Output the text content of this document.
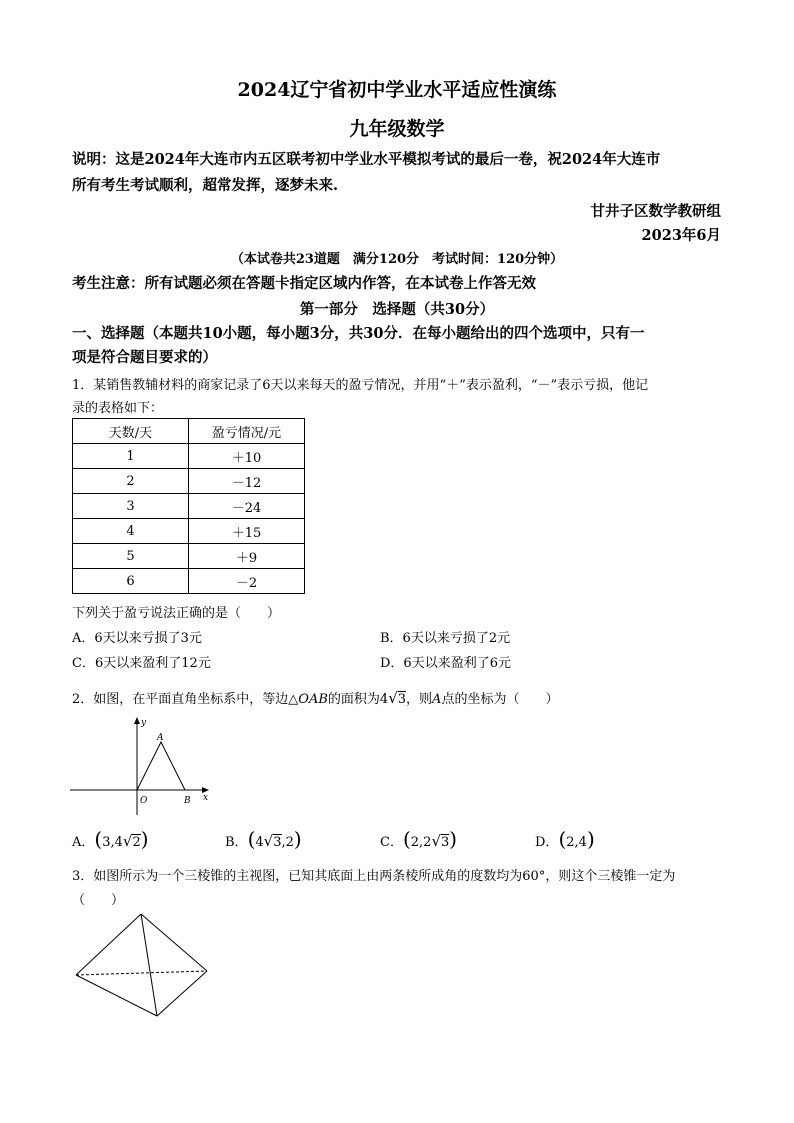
2024辽宁省初中学业水平适应性演练
九年级数学
说明：这是2024年大连市内五区联考初中学业水平模拟考试的最后一卷，祝2024年大连市
所有考生考试顺利，超常发挥，逐梦未来.
甘井子区数学教研组
2023年6月
（本试卷共23道题　满分120分　考试时间：120分钟）
考生注意：所有试题必须在答题卡指定区域内作答，在本试卷上作答无效
第一部分　选择题（共30分）
一、选择题（本题共10小题，每小题3分，共30分．在每小题给出的四个选项中，只有一
项是符合题目要求的）
1．某销售教辅材料的商家记录了6天以来每天的盈亏情况，并用“＋”表示盈利，“－”表示亏损，他记
录的表格如下：
天数/天	盈亏情况/元
1	＋10
2	－12
3	－24
4	＋15
5	＋9
6	－2
下列关于盈亏说法正确的是（　　）
A．6天以来亏损了3元	B．6天以来亏损了2元
C．6天以来盈利了12元	D．6天以来盈利了6元
2．如图，在平面直角坐标系中，等边△OAB的面积为4√3，则A点的坐标为（　　）
y
x
A
O	B
A．(3,4√2)	B．(4√3,2)	C．(2,2√3)	D．(2,4)
3．如图所示为一个三棱锥的主视图，已知其底面上由两条棱所成角的度数均为60°，则这个三棱锥一定为
（　　）
